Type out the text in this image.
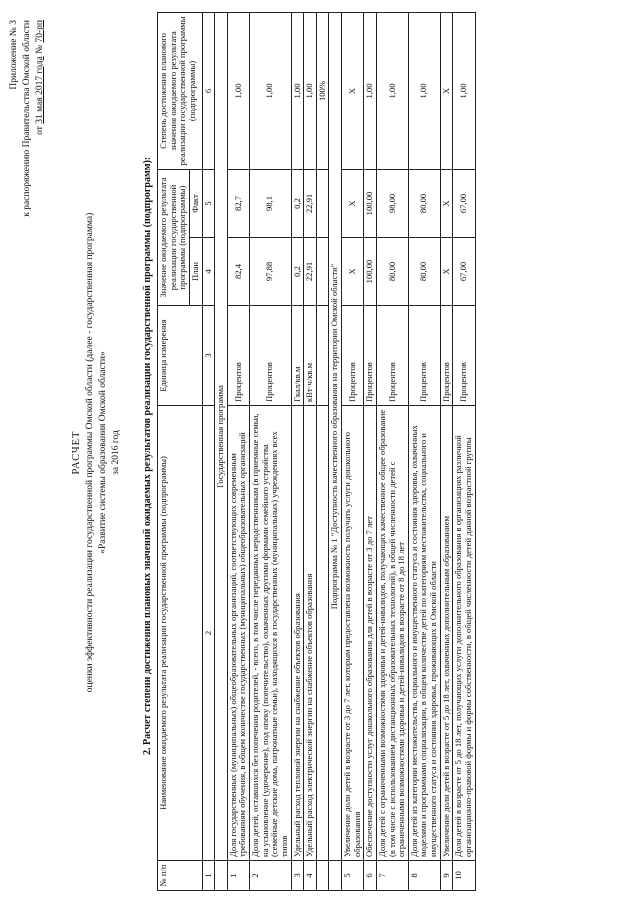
Приложение № 3 к распоряжению Правительства Омской области от 31 мая 2017 года № 70-рп
РАСЧЕТ оценки эффективности реализации государственной программы Омской области (далее - государственная программа) «Развитие системы образования Омской области» за 2016 год 2. Расчет степени достижения плановых значений ожидаемых результатов реализации государственной программы (подпрограмм):
№ п/п	Наименование ожидаемого результата реализации государственной программы (подпрограммы)	Единица измерения	Значение ожидаемого результата реализации государственной программы (подпрограммы)		Степень достижения планового значения ожидаемого результата реализации государственной программы (подпрограммы)
			План	Факт	
1	2	3	4	5	6
	Государственная программа				
1	Доля государственных (муниципальных) общеобразовательных организаций, соответствующих современным требованиям обучения, в общем количестве государственных (муниципальных) общеобразовательных организаций	Процентов	82,4	82,7	1,00
2	Доля детей, оставшихся без попечения родителей, - всего, в том числе переданных неродственникам (в приемные семьи, на усыновление (удочерение), под опеку (попечительство), охваченных другими формами семейного устройства (семейные детские дома, патронатные семьи), находящихся в государственных (муниципальных) учреждениях всех типов	Процентов	97,88	98,1	1,00
3	Удельный расход тепловой энергии на снабжение объектов образования	Гкал/кв.м	0,2	0,2	1,00
4	Удельный расход электрической энергии на снабжение объектов образования	кВт·ч/кв.м	22,91	22,91	1,00
					100%
	Подпрограмма № 1 "Доступность качественного образования на территории Омской области"				
5	Увеличение доли детей в возрасте от 3 до 7 лет, которым предоставлена возможность получать услуги дошкольного образования	Процентов	X	X	X
6	Обеспечение доступности услуг дошкольного образования для детей в возрасте от 3 до 7 лет	Процентов	100,00	100,00	1,00
7	Доля детей с ограниченными возможностями здоровья и детей-инвалидов, получающих качественное общее образование (в том числе с использованием дистанционных образовательных технологий), в общей численности детей с ограниченными возможностями здоровья и детей-инвалидов в возрасте от 8 до 18 лет	Процентов	80,00	98,00	1,00
8	Доля детей из категории местожительства, социального и имущественного статуса и состояния здоровья, охваченных моделями и программами социализации, в общем количестве детей по категориям местожительства, социального и имущественного статуса и состояния здоровья, проживающих в Омской области	Процентов	80,00	80,00	1,00
9	Увеличение доли детей в возрасте от 5 до 18 лет, охваченных дополнительным образованием	Процентов	X	X	X
10	Доля детей в возрасте от 5 до 18 лет, получающих услуги дополнительного образования в организациях различной организационно-правовой формы и формы собственности, в общей численности детей данной возрастной группы	Процентов	67,00	67,00	1,00
